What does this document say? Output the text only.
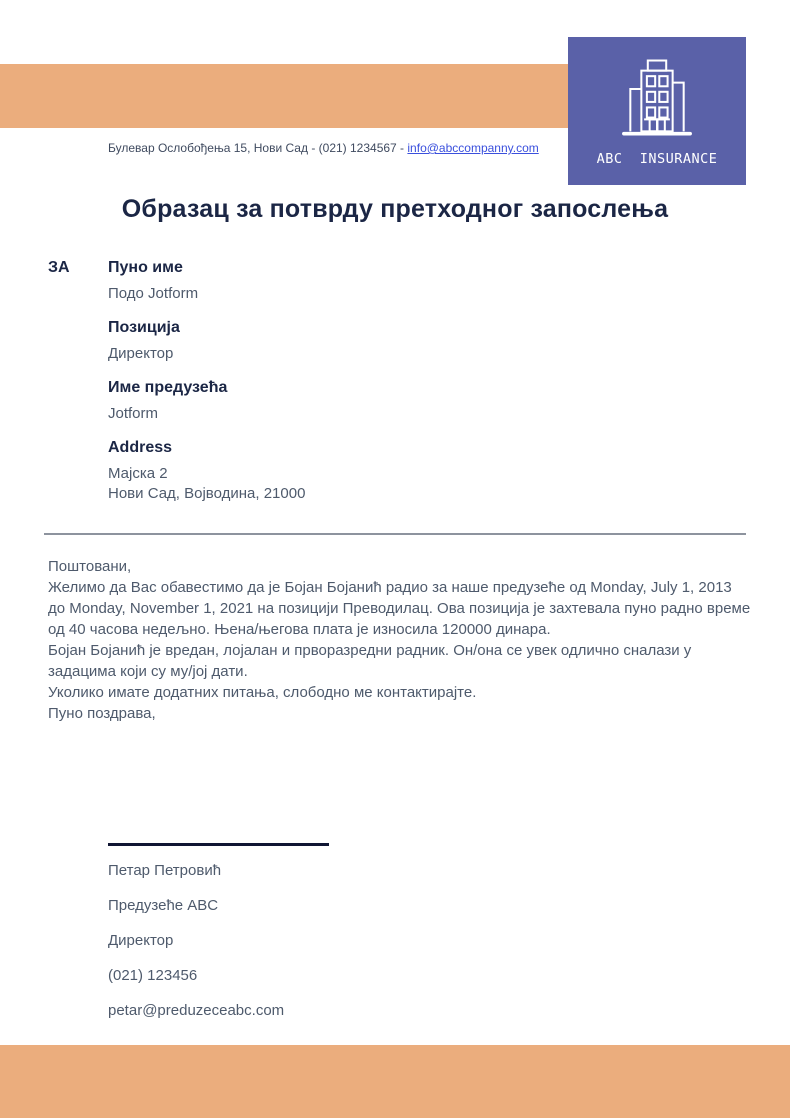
ABC  INSURANCE
Булевар Ослобођења 15, Нови Сад - (021) 1234567 - info@abccompanny.com
Образац за потврду претходног запослења
ЗА	Пуно име
Подо Jotform
Позиција
Директор
Име предузећа
Jotform
Address
Мајска 2
Нови Сад, Војводина, 21000

Поштовани,

Желимо да Вас обавестимо да је Бојан Бојанић радио за наше предузеће од Monday, July 1, 2013 до Monday, November 1, 2021 на позицији Преводилац. Ова позиција је захтевала пуно радно време од 40 часова недељно. Њена/његова плата је износила 120000 динара.

Бојан Бојанић је вредан, лојалан и прворазредни радник. Он/она се увек одлично сналази у задацима који су му/јој дати.

Уколико имате додатних питања, слободно ме контактирајте.

Пуно поздрава,

Петар Петровић
Предузеће ABC
Директор
(021) 123456
petar@preduzeceabc.com
